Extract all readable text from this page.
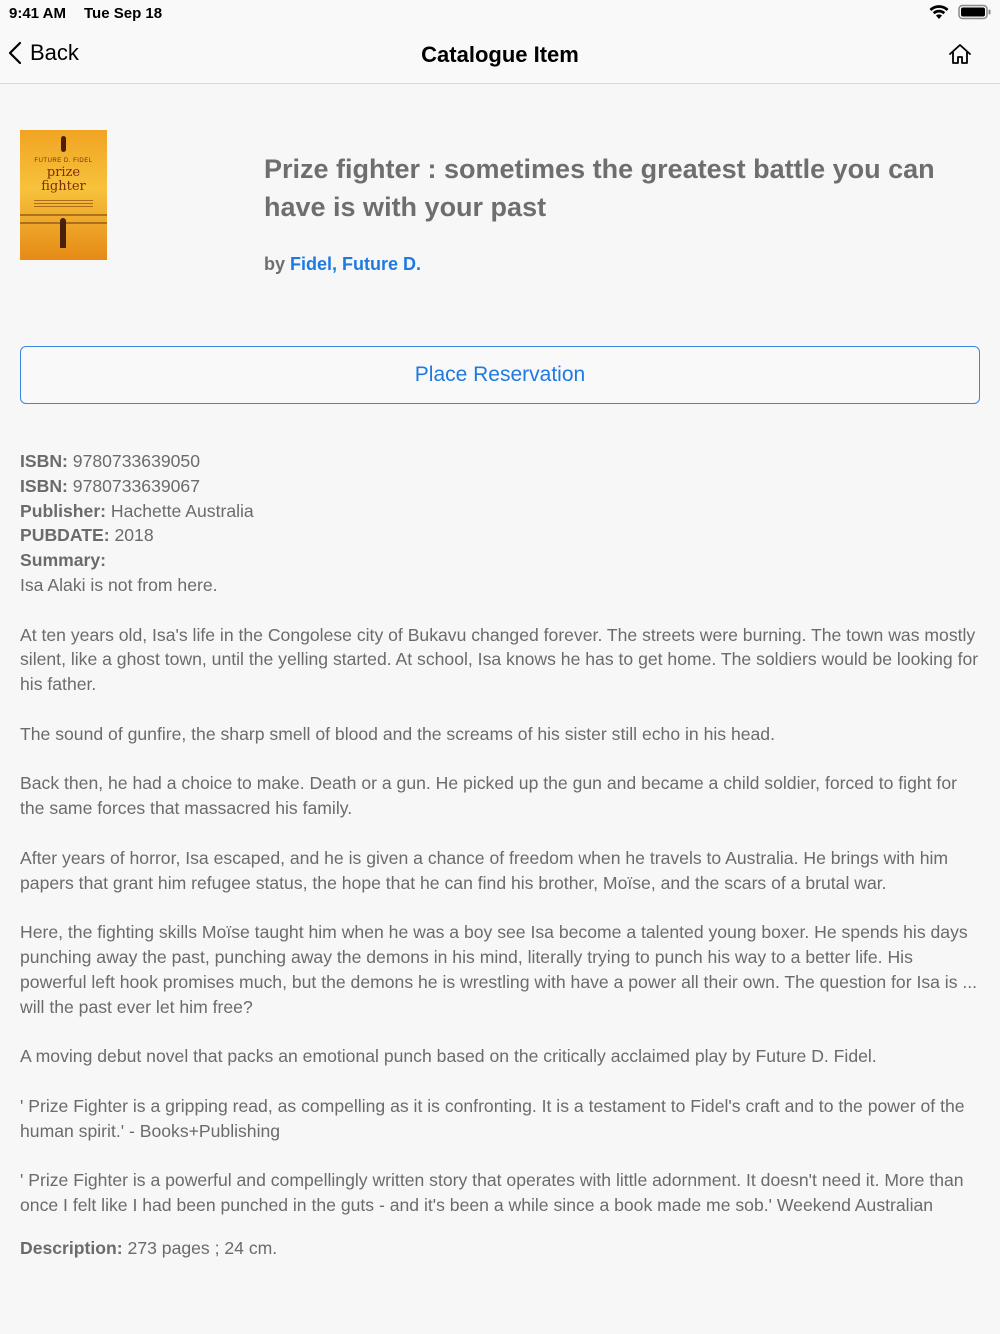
9:41 AM Tue Sep 18
Back	Catalogue Item
FUTURE D. FIDEL
prize
fighter
Prize fighter : sometimes the greatest battle you can have is with your past
by Fidel, Future D.
Place Reservation
ISBN: 9780733639050
ISBN: 9780733639067
Publisher: Hachette Australia
PUBDATE: 2018
Summary:

Isa Alaki is not from here.

At ten years old, Isa's life in the Congolese city of Bukavu changed forever. The streets were burning. The town was mostly silent, like a ghost town, until the yelling started. At school, Isa knows he has to get home. The soldiers would be looking for his father.

The sound of gunfire, the sharp smell of blood and the screams of his sister still echo in his head.

Back then, he had a choice to make. Death or a gun. He picked up the gun and became a child soldier, forced to fight for the same forces that massacred his family.

After years of horror, Isa escaped, and he is given a chance of freedom when he travels to Australia. He brings with him papers that grant him refugee status, the hope that he can find his brother, Moïse, and the scars of a brutal war.

Here, the fighting skills Moïse taught him when he was a boy see Isa become a talented young boxer. He spends his days punching away the past, punching away the demons in his mind, literally trying to punch his way to a better life. His powerful left hook promises much, but the demons he is wrestling with have a power all their own. The question for Isa is ... will the past ever let him free?

A moving debut novel that packs an emotional punch based on the critically acclaimed play by Future D. Fidel.

' Prize Fighter is a gripping read, as compelling as it is confronting. It is a testament to Fidel's craft and to the power of the human spirit.' - Books+Publishing

' Prize Fighter is a powerful and compellingly written story that operates with little adornment. It doesn't need it. More than once I felt like I had been punched in the guts - and it's been a while since a book made me sob.' Weekend Australian

Description: 273 pages ; 24 cm.
